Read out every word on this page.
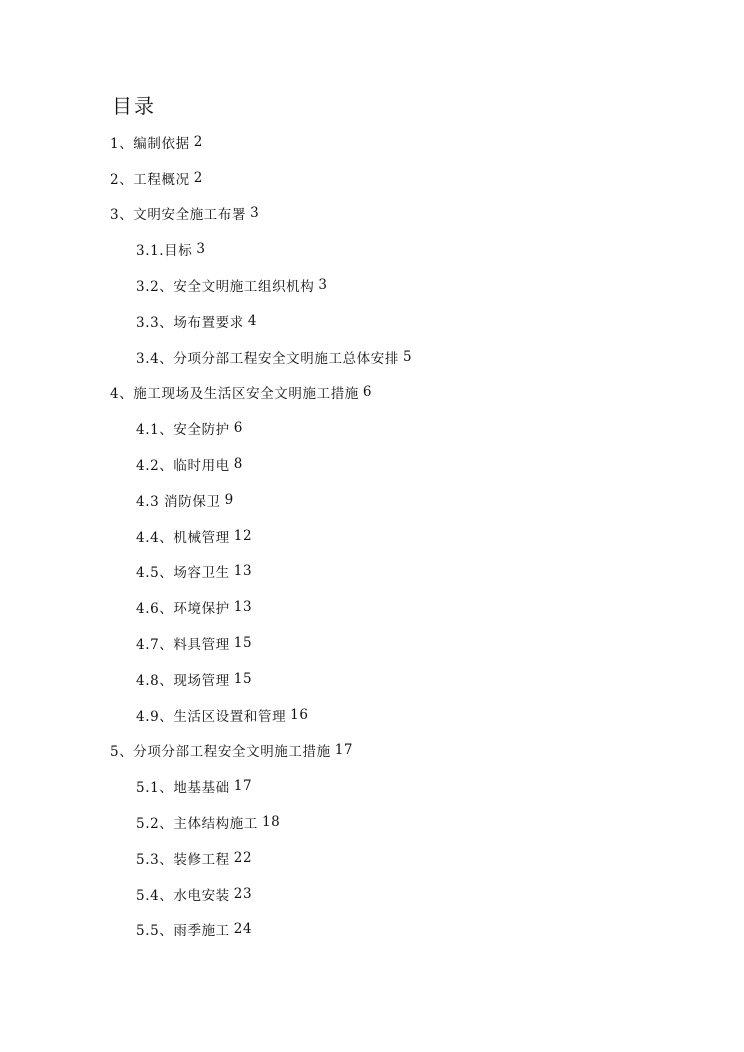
目录
1、编制依据 2
2、工程概况 2
3、文明安全施工布署 3
3.1.目标 3
3.2、安全文明施工组织机构 3
3.3、场布置要求 4
3.4、分项分部工程安全文明施工总体安排 5
4、施工现场及生活区安全文明施工措施 6
4.1、安全防护 6
4.2、临时用电 8
4.3 消防保卫 9
4.4、机械管理 12
4.5、场容卫生 13
4.6、环境保护 13
4.7、料具管理 15
4.8、现场管理 15
4.9、生活区设置和管理 16
5、分项分部工程安全文明施工措施 17
5.1、地基基础 17
5.2、主体结构施工 18
5.3、装修工程 22
5.4、水电安装 23
5.5、雨季施工 24
